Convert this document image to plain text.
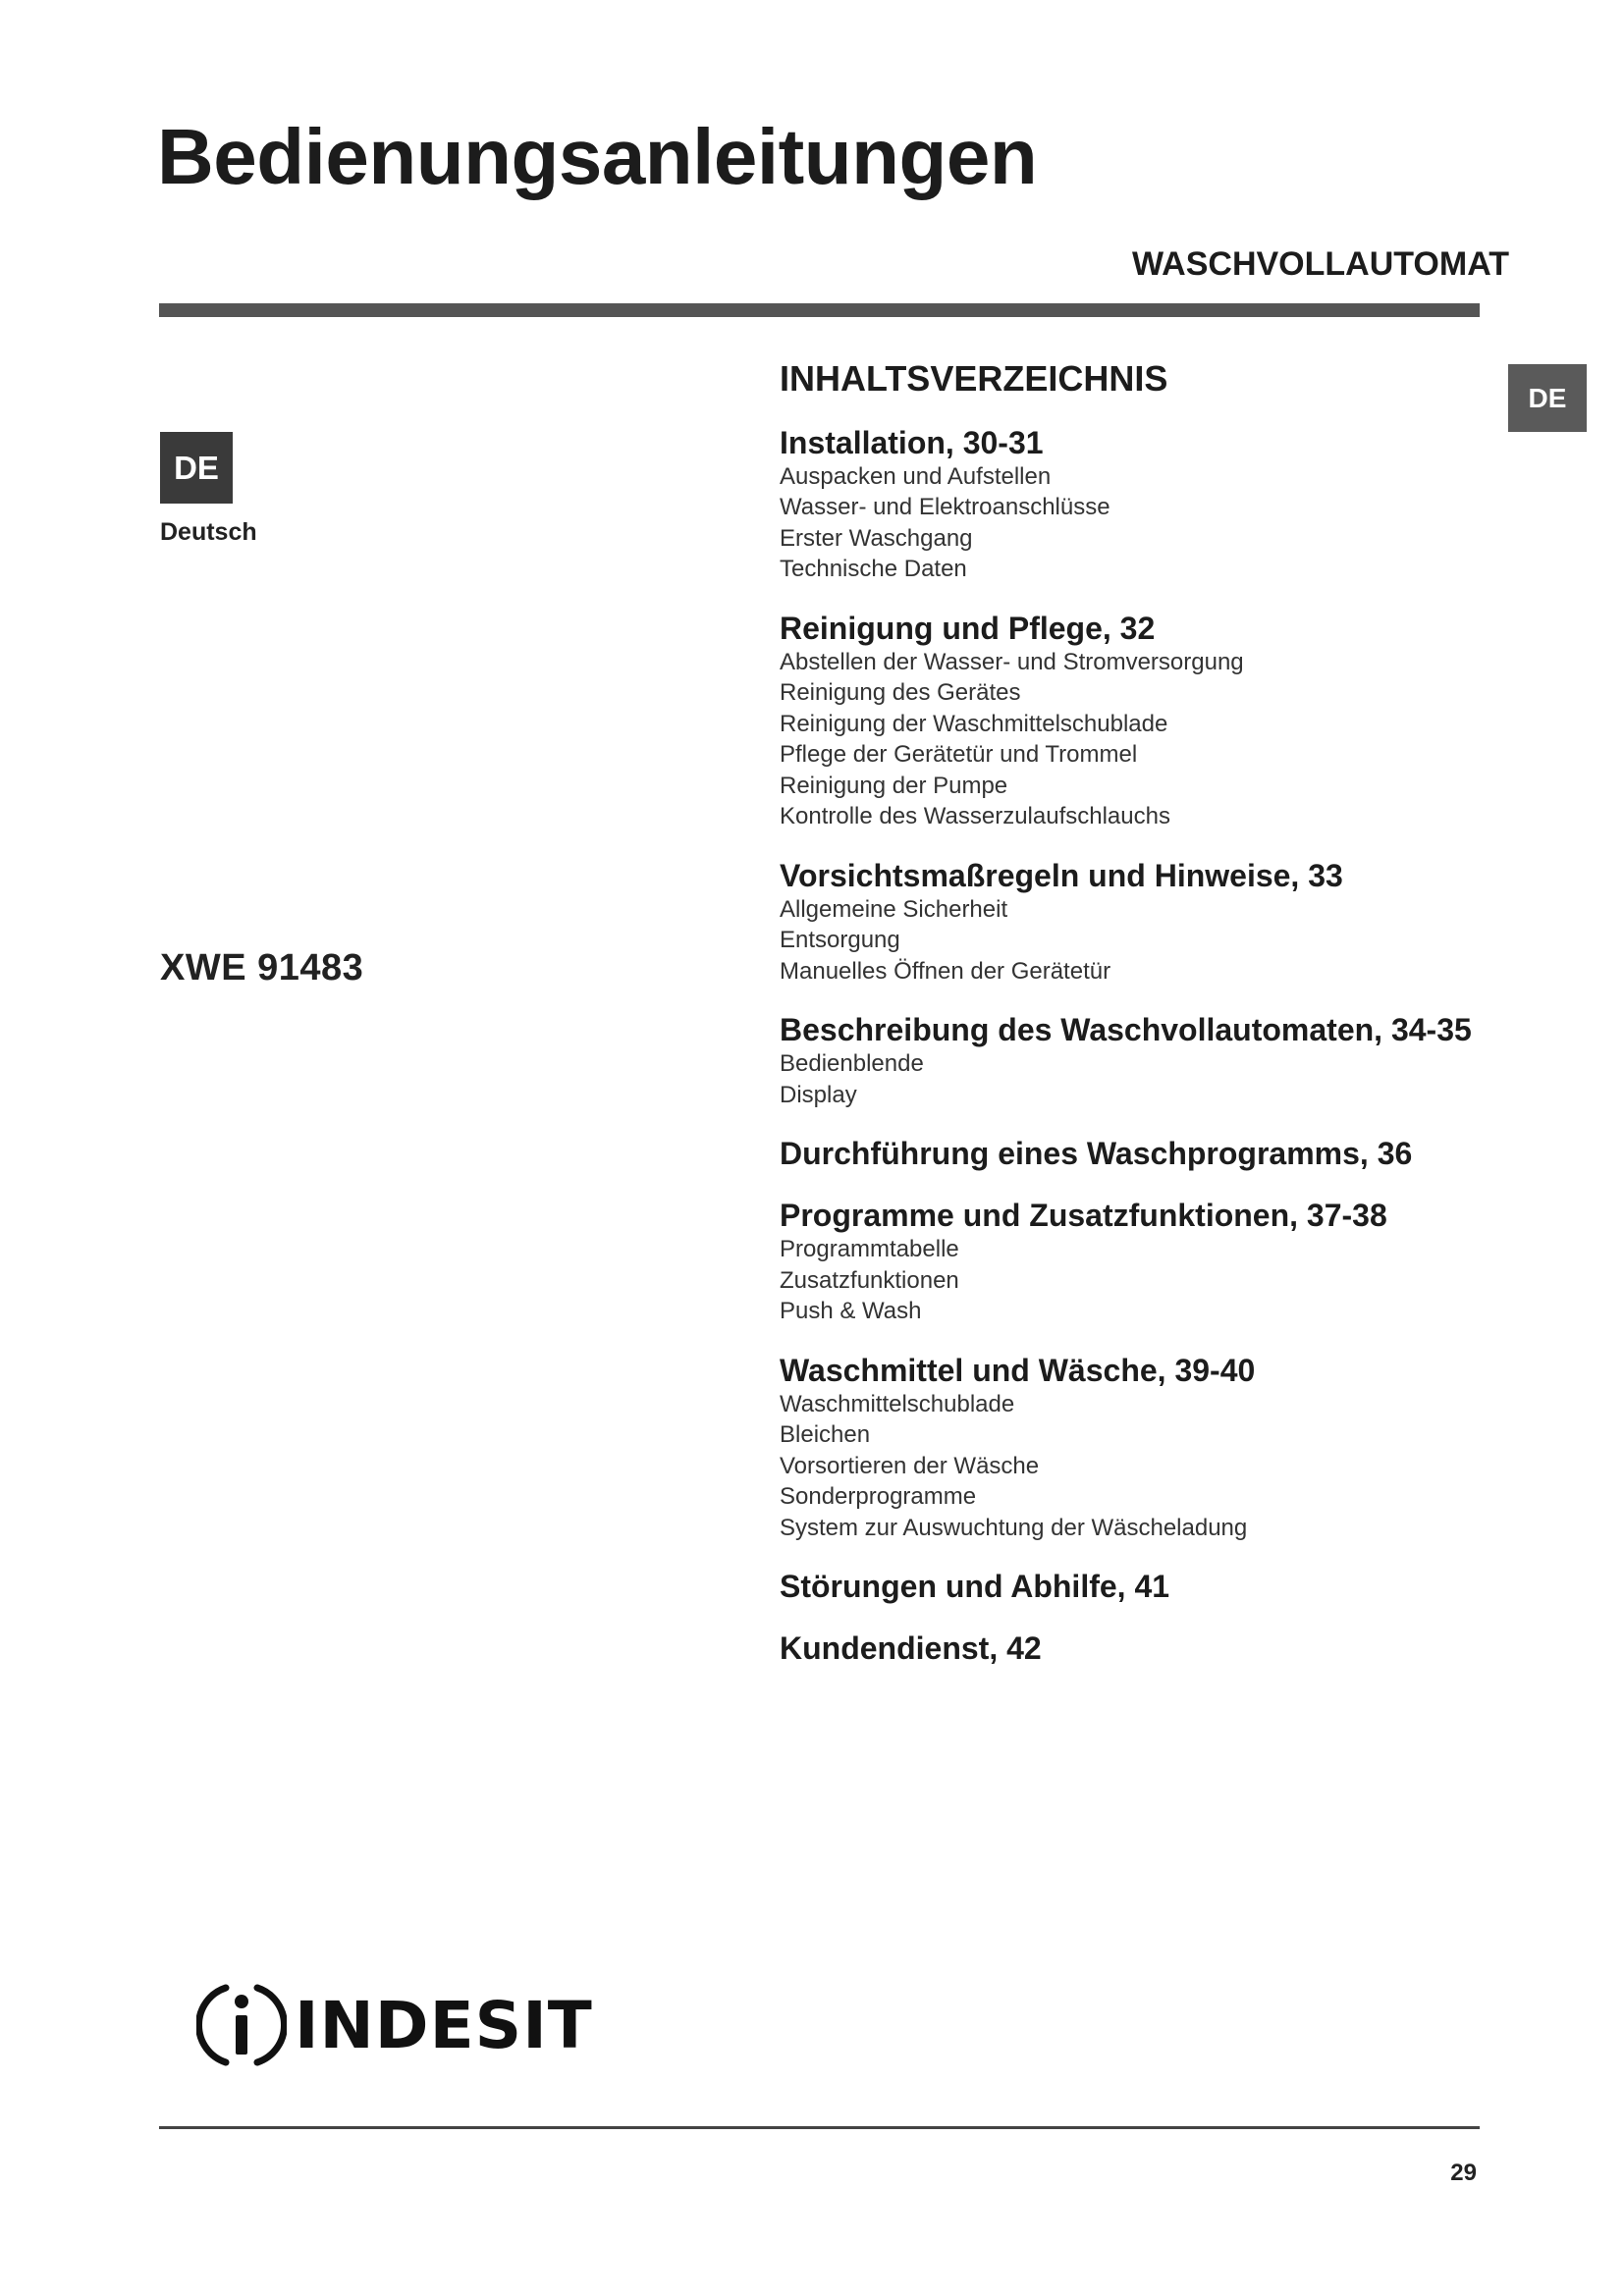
Bedienungsanleitungen
WASCHVOLLAUTOMAT
DE
Deutsch
DE
XWE 91483
INHALTSVERZEICHNIS
Installation, 30-31
Auspacken und Aufstellen
Wasser- und Elektroanschlüsse
Erster Waschgang
Technische Daten
Reinigung und Pflege, 32
Abstellen der Wasser- und Stromversorgung
Reinigung des Gerätes
Reinigung der Waschmittelschublade
Pflege der Gerätetür und Trommel
Reinigung der Pumpe
Kontrolle des Wasserzulaufschlauchs
Vorsichtsmaßregeln und Hinweise, 33
Allgemeine Sicherheit
Entsorgung
Manuelles Öffnen der Gerätetür
Beschreibung des Waschvollautomaten, 34-35
Bedienblende
Display
Durchführung eines Waschprogramms, 36
Programme und Zusatzfunktionen, 37-38
Programmtabelle
Zusatzfunktionen
Push & Wash
Waschmittel und Wäsche, 39-40
Waschmittelschublade
Bleichen
Vorsortieren der Wäsche
Sonderprogramme
System zur Auswuchtung der Wäscheladung
Störungen und Abhilfe, 41
Kundendienst, 42
INDESIT
29
